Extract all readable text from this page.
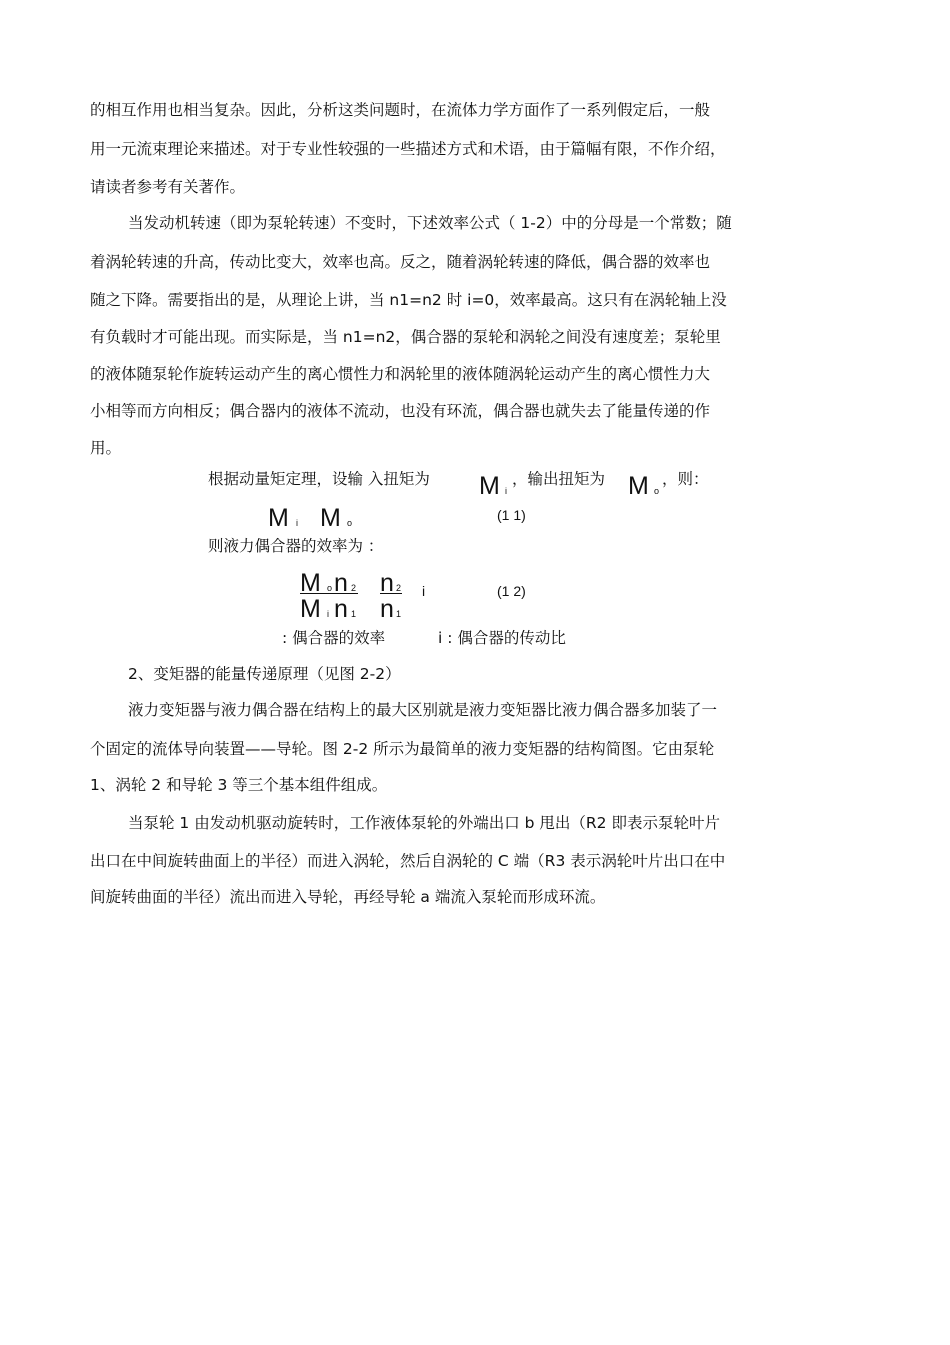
的相互作用也相当复杂。因此，分析这类问题时，在流体力学方面作了一系列假定后，一般

用一元流束理论来描述。对于专业性较强的一些描述方式和术语，由于篇幅有限，不作介绍，

请读者参考有关著作。

当发动机转速（即为泵轮转速）不变时，下述效率公式（ 1-2）中的分母是一个常数；随

着涡轮转速的升高，传动比变大，效率也高。反之，随着涡轮转速的降低，偶合器的效率也

随之下降。需要指出的是，从理论上讲，当 n1=n2 时 i=0，效率最高。这只有在涡轮轴上没

有负载时才可能出现。而实际是，当 n1=n2，偶合器的泵轮和涡轮之间没有速度差；泵轮里

的液体随泵轮作旋转运动产生的离心惯性力和涡轮里的液体随涡轮运动产生的离心惯性力大

小相等而方向相反；偶合器内的液体不流动，也没有环流，偶合器也就失去了能量传递的作

用。

根据动量矩定理，设输 入扭矩为 M i
，输出扭矩为 M o
，则：
M i M o	(1 1)

则液力偶合器的效率为 ：

M o n 2
M i n 1
n 2
n 1
i	(1 2)

: 偶合器的效率	i : 偶合器的传动比

2、变矩器的能量传递原理（见图 2-2）

液力变矩器与液力偶合器在结构上的最大区别就是液力变矩器比液力偶合器多加装了一

个固定的流体导向装置——导轮。图 2-2 所示为最简单的液力变矩器的结构简图。它由泵轮

1、涡轮 2 和导轮 3 等三个基本组件组成。

当泵轮 1 由发动机驱动旋转时，工作液体泵轮的外端出口 b 甩出（R2 即表示泵轮叶片

出口在中间旋转曲面上的半径）而进入涡轮，然后自涡轮的 C 端（R3 表示涡轮叶片出口在中

间旋转曲面的半径）流出而进入导轮，再经导轮 a 端流入泵轮而形成环流。
